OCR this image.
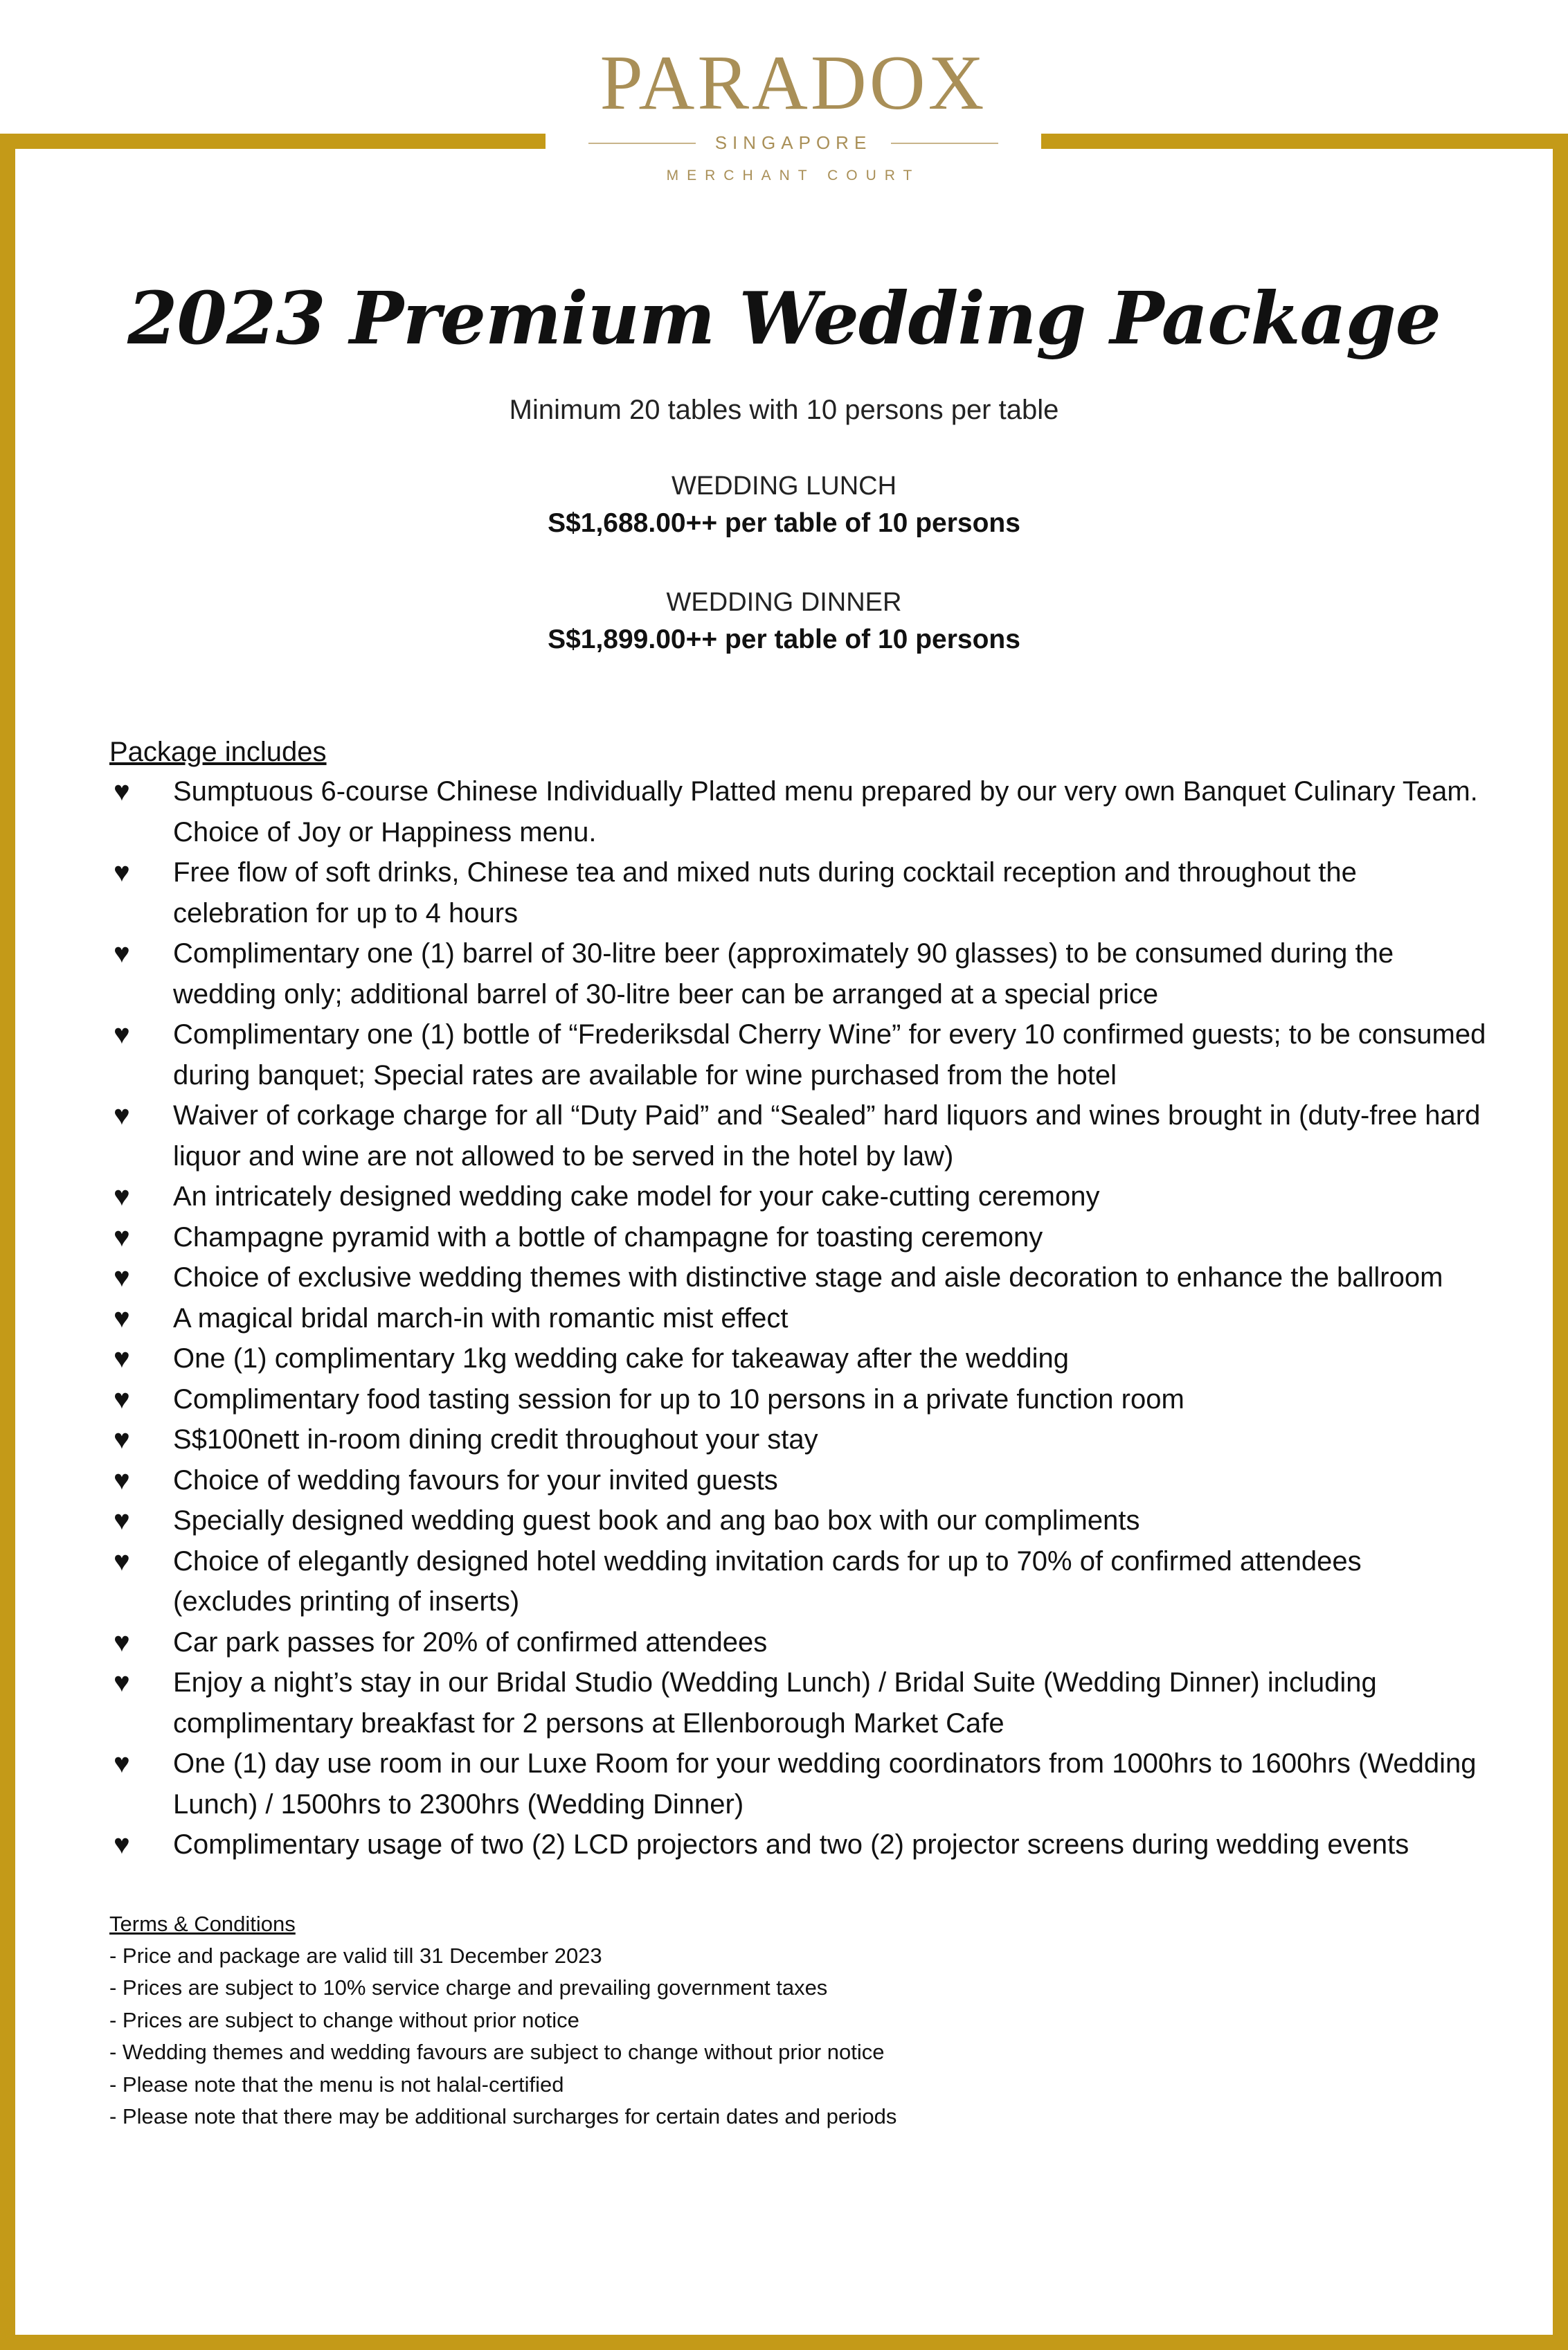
PARADOX
SINGAPORE
MERCHANT COURT
2023 Premium Wedding Package
Minimum 20 tables with 10 persons per table
WEDDING LUNCH
S$1,688.00++ per table of 10 persons
WEDDING DINNER
S$1,899.00++ per table of 10 persons
Package includes
♥ Sumptuous 6-course Chinese Individually Platted menu prepared by our very own Banquet Culinary Team. Choice of Joy or Happiness menu.
♥ Free flow of soft drinks, Chinese tea and mixed nuts during cocktail reception and throughout the celebration for up to 4 hours
♥ Complimentary one (1) barrel of 30-litre beer (approximately 90 glasses) to be consumed during the wedding only; additional barrel of 30-litre beer can be arranged at a special price
♥ Complimentary one (1) bottle of “Frederiksdal Cherry Wine” for every 10 confirmed guests; to be consumed during banquet; Special rates are available for wine purchased from the hotel
♥ Waiver of corkage charge for all “Duty Paid” and “Sealed” hard liquors and wines brought in (duty-free hard liquor and wine are not allowed to be served in the hotel by law)
♥ An intricately designed wedding cake model for your cake-cutting ceremony
♥ Champagne pyramid with a bottle of champagne for toasting ceremony
♥ Choice of exclusive wedding themes with distinctive stage and aisle decoration to enhance the ballroom
♥ A magical bridal march-in with romantic mist effect
♥ One (1) complimentary 1kg wedding cake for takeaway after the wedding
♥ Complimentary food tasting session for up to 10 persons in a private function room
♥ S$100nett in-room dining credit throughout your stay
♥ Choice of wedding favours for your invited guests
♥ Specially designed wedding guest book and ang bao box with our compliments
♥ Choice of elegantly designed hotel wedding invitation cards for up to 70% of confirmed attendees (excludes printing of inserts)
♥ Car park passes for 20% of confirmed attendees
♥ Enjoy a night’s stay in our Bridal Studio (Wedding Lunch) / Bridal Suite (Wedding Dinner) including complimentary breakfast for 2 persons at Ellenborough Market Cafe
♥ One (1) day use room in our Luxe Room for your wedding coordinators from 1000hrs to 1600hrs (Wedding Lunch) / 1500hrs to 2300hrs (Wedding Dinner)
♥ Complimentary usage of two (2) LCD projectors and two (2) projector screens during wedding events
Terms & Conditions
- Price and package are valid till 31 December 2023
- Prices are subject to 10% service charge and prevailing government taxes
- Prices are subject to change without prior notice
- Wedding themes and wedding favours are subject to change without prior notice
- Please note that the menu is not halal-certified
- Please note that there may be additional surcharges for certain dates and periods
